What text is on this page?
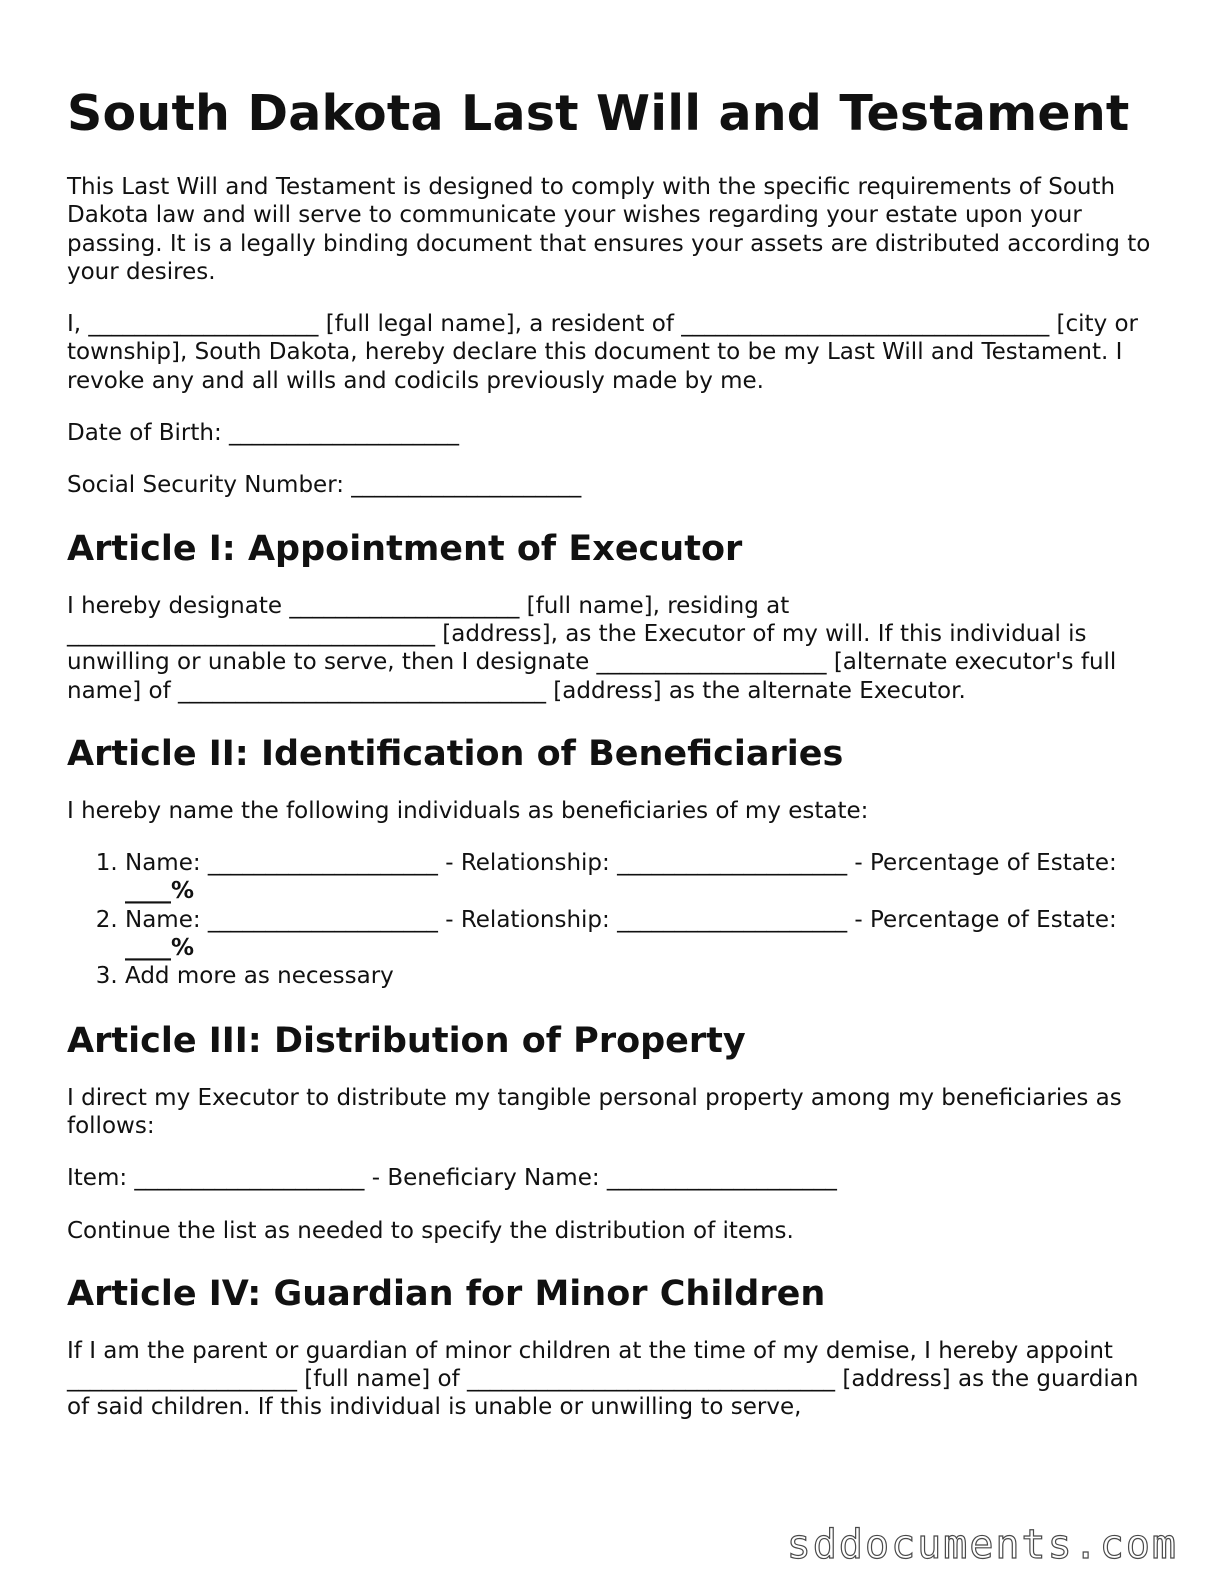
South Dakota Last Will and Testament

This Last Will and Testament is designed to comply with the specific requirements of South Dakota law and will serve to communicate your wishes regarding your estate upon your passing. It is a legally binding document that ensures your assets are distributed according to your desires.

I, ____________________ [full legal name], a resident of ________________________________ [city or township], South Dakota, hereby declare this document to be my Last Will and Testament. I revoke any and all wills and codicils previously made by me.

Date of Birth: ____________________

Social Security Number: ____________________

Article I: Appointment of Executor

I hereby designate ____________________ [full name], residing at ________________________________ [address], as the Executor of my will. If this individual is unwilling or unable to serve, then I designate ____________________ [alternate executor's full name] of ________________________________ [address] as the alternate Executor.

Article II: Identification of Beneficiaries

I hereby name the following individuals as beneficiaries of my estate:

1. Name: ____________________ - Relationship: ____________________ - Percentage of Estate: ____%
2. Name: ____________________ - Relationship: ____________________ - Percentage of Estate: ____%
3. Add more as necessary
Article III: Distribution of Property

I direct my Executor to distribute my tangible personal property among my beneficiaries as follows:

Item: ____________________ - Beneficiary Name: ____________________

Continue the list as needed to specify the distribution of items.

Article IV: Guardian for Minor Children

If I am the parent or guardian of minor children at the time of my demise, I hereby appoint ____________________ [full name] of ________________________________ [address] as the guardian of said children. If this individual is unable or unwilling to serve,

sddocuments.com
